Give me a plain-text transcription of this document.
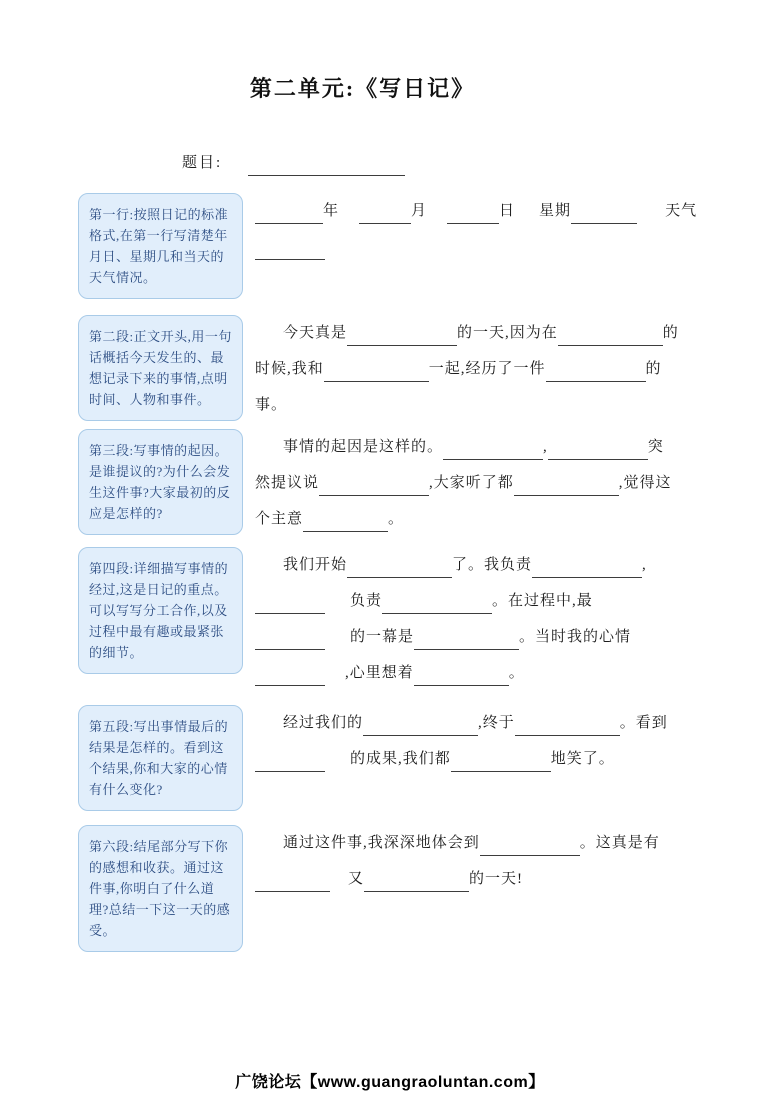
第二单元:《写日记》
题目:
第一行:按照日记的标准格式,在第一行写清楚年月日、星期几和当天的天气情况。
年	月	日 星期	天气
第二段:正文开头,用一句话概括今天发生的、最想记录下来的事情,点明时间、人物和事件。
今天真是	的一天,因为在	的
时候,我和	一起,经历了一件	的
事。
第三段:写事情的起因。是谁提议的?为什么会发生这件事?大家最初的反应是怎样的?
事情的起因是这样的。	,	突
然提议说	,大家听了都	,觉得这
个主意	。
第四段:详细描写事情的经过,这是日记的重点。可以写写分工合作,以及过程中最有趣或最紧张的细节。
我们开始	了。我负责	,
负责	。在过程中,最
的一幕是	。当时我的心情
,心里想着	。
第五段:写出事情最后的结果是怎样的。看到这个结果,你和大家的心情有什么变化?
经过我们的	,终于	。看到
的成果,我们都	地笑了。
第六段:结尾部分写下你的感想和收获。通过这件事,你明白了什么道理?总结一下这一天的感受。
通过这件事,我深深地体会到	。这真是有
又	的一天!
广饶论坛【www.guangraoluntan.com】
